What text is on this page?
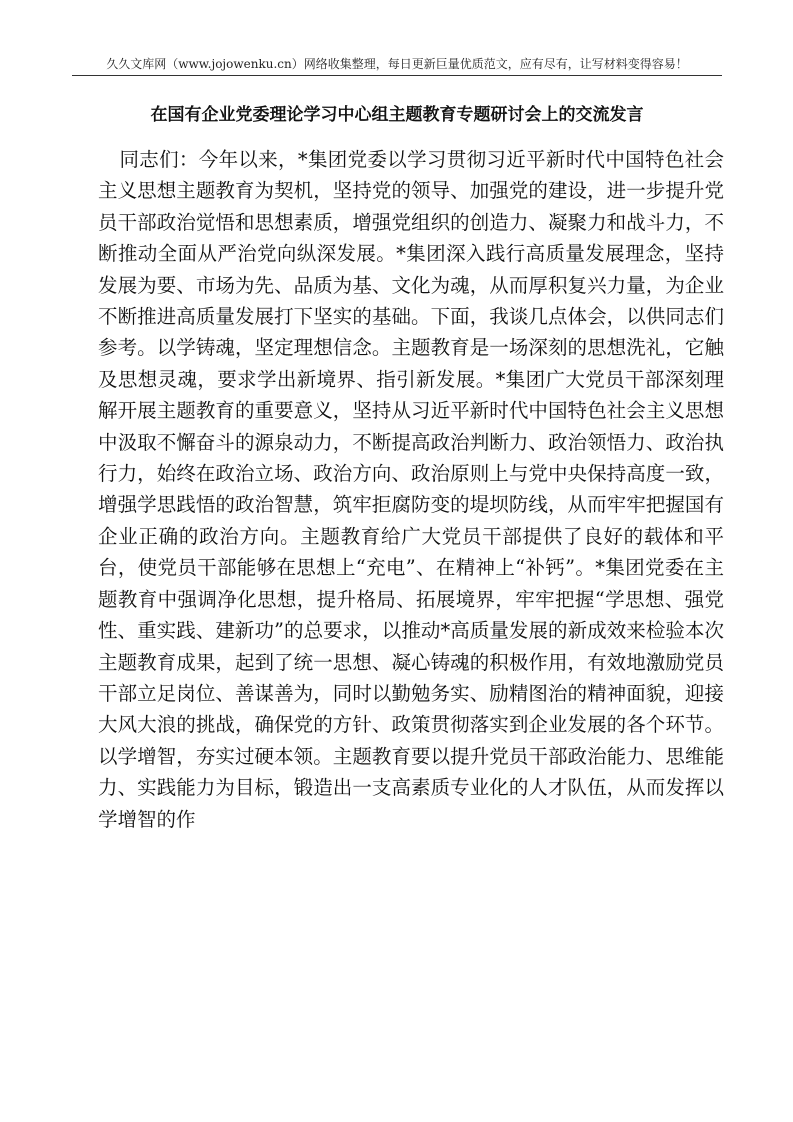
久久文库网（www.jojowenku.cn）网络收集整理，每日更新巨量优质范文，应有尽有，让写材料变得容易！
在国有企业党委理论学习中心组主题教育专题研讨会上的交流发言

同志们：今年以来，*集团党委以学习贯彻习近平新时代中国特色社会主义思想主题教育为契机，坚持党的领导、加强党的建设，进一步提升党员干部政治觉悟和思想素质，增强党组织的创造力、凝聚力和战斗力，不断推动全面从严治党向纵深发展。*集团深入践行高质量发展理念，坚持发展为要、市场为先、品质为基、文化为魂，从而厚积复兴力量，为企业不断推进高质量发展打下坚实的基础。下面，我谈几点体会，以供同志们参考。以学铸魂，坚定理想信念。主题教育是一场深刻的思想洗礼，它触及思想灵魂，要求学出新境界、指引新发展。*集团广大党员干部深刻理解开展主题教育的重要意义，坚持从习近平新时代中国特色社会主义思想中汲取不懈奋斗的源泉动力，不断提高政治判断力、政治领悟力、政治执行力，始终在政治立场、政治方向、政治原则上与党中央保持高度一致，增强学思践悟的政治智慧，筑牢拒腐防变的堤坝防线，从而牢牢把握国有企业正确的政治方向。主题教育给广大党员干部提供了良好的载体和平台，使党员干部能够在思想上“充电”、在精神上“补钙”。*集团党委在主题教育中强调净化思想，提升格局、拓展境界，牢牢把握“学思想、强党性、重实践、建新功”的总要求，以推动*高质量发展的新成效来检验本次主题教育成果，起到了统一思想、凝心铸魂的积极作用，有效地激励党员干部立足岗位、善谋善为，同时以勤勉务实、励精图治的精神面貌，迎接大风大浪的挑战，确保党的方针、政策贯彻落实到企业发展的各个环节。以学增智，夯实过硬本领。主题教育要以提升党员干部政治能力、思维能力、实践能力为目标，锻造出一支高素质专业化的人才队伍，从而发挥以学增智的作
